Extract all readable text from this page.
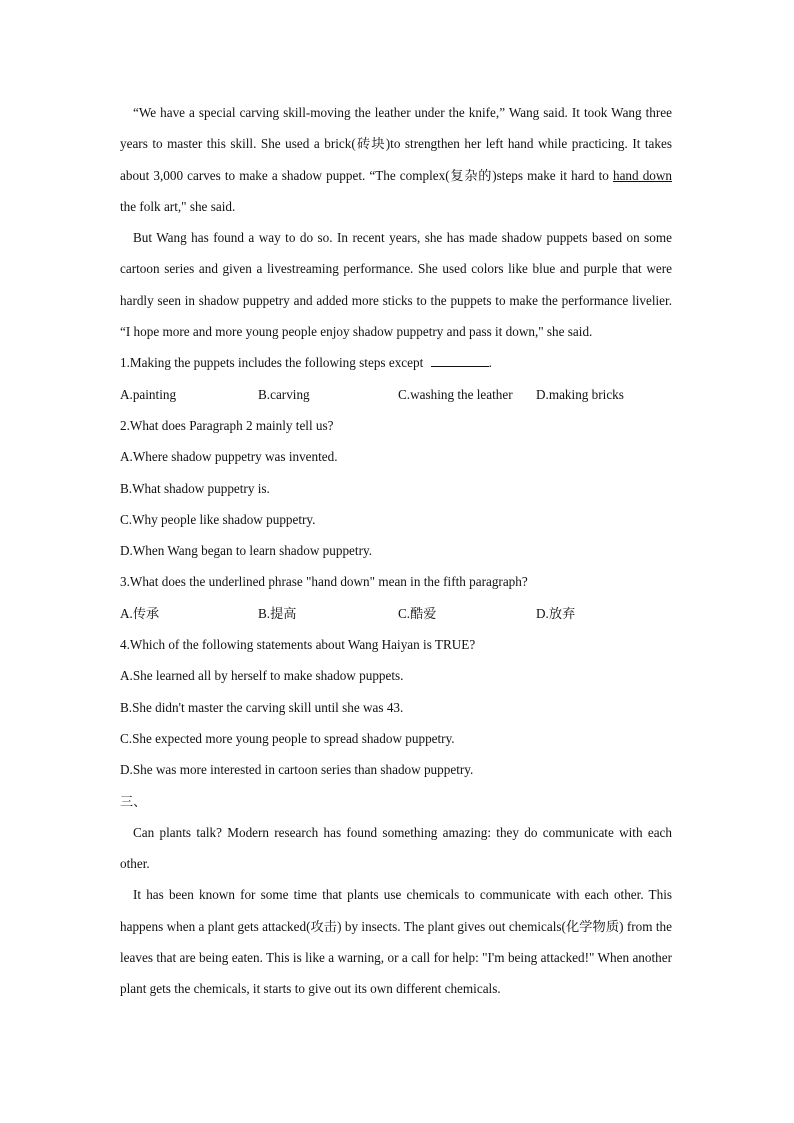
“We have a special carving skill-moving the leather under the knife,” Wang said. It took Wang three years to master this skill. She used a brick(砖块)to strengthen her left hand while practicing. It takes about 3,000 carves to make a shadow puppet. “The complex(复杂的)steps make it hard to hand down the folk art," she said.

But Wang has found a way to do so. In recent years, she has made shadow puppets based on some cartoon series and given a livestreaming performance. She used colors like blue and purple that were hardly seen in shadow puppetry and added more sticks to the puppets to make the performance livelier. “I hope more and more young people enjoy shadow puppetry and pass it down," she said.

1.Making the puppets includes the following steps except	.

A.painting	B.carving	C.washing the leather	D.making bricks

2.What does Paragraph 2 mainly tell us?

A.Where shadow puppetry was invented.

B.What shadow puppetry is.

C.Why people like shadow puppetry.

D.When Wang began to learn shadow puppetry.

3.What does the underlined phrase "hand down" mean in the fifth paragraph?

A.传承	B.提高	C.酷爱	D.放弃

4.Which of the following statements about Wang Haiyan is TRUE?

A.She learned all by herself to make shadow puppets.

B.She didn't master the carving skill until she was 43.

C.She expected more young people to spread shadow puppetry.

D.She was more interested in cartoon series than shadow puppetry.

三、

Can plants talk? Modern research has found something amazing: they do communicate with each other.

It has been known for some time that plants use chemicals to communicate with each other. This happens when a plant gets attacked(攻击) by insects. The plant gives out chemicals(化学物质) from the leaves that are being eaten. This is like a warning, or a call for help: "I'm being attacked!" When another plant gets the chemicals, it starts to give out its own different chemicals.
